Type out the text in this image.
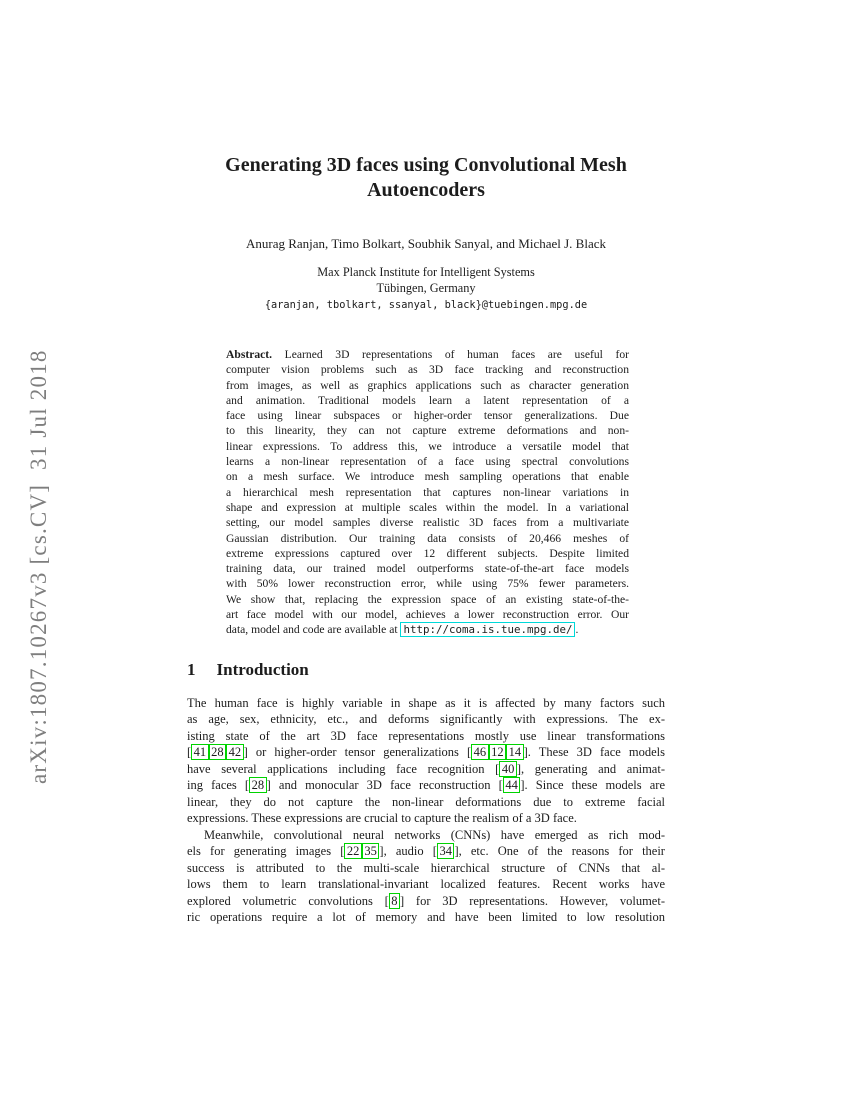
arXiv:1807.10267v3 [cs.CV]  31 Jul 2018
Generating 3D faces using Convolutional Mesh
Autoencoders
Anurag Ranjan, Timo Bolkart, Soubhik Sanyal, and Michael J. Black
Max Planck Institute for Intelligent Systems
Tübingen, Germany
{aranjan, tbolkart, ssanyal, black}@tuebingen.mpg.de
Abstract. Learned 3D representations of human faces are useful for
computer vision problems such as 3D face tracking and reconstruction
from images, as well as graphics applications such as character generation
and animation. Traditional models learn a latent representation of a
face using linear subspaces or higher-order tensor generalizations. Due
to this linearity, they can not capture extreme deformations and non-
linear expressions. To address this, we introduce a versatile model that
learns a non-linear representation of a face using spectral convolutions
on a mesh surface. We introduce mesh sampling operations that enable
a hierarchical mesh representation that captures non-linear variations in
shape and expression at multiple scales within the model. In a variational
setting, our model samples diverse realistic 3D faces from a multivariate
Gaussian distribution. Our training data consists of 20,466 meshes of
extreme expressions captured over 12 different subjects. Despite limited
training data, our trained model outperforms state-of-the-art face models
with 50% lower reconstruction error, while using 75% fewer parameters.
We show that, replacing the expression space of an existing state-of-the-
art face model with our model, achieves a lower reconstruction error. Our
data, model and code are available at http://coma.is.tue.mpg.de/ .
1 Introduction
The human face is highly variable in shape as it is affected by many factors such
as age, sex, ethnicity, etc., and deforms significantly with expressions. The ex-
isting state of the art 3D face representations mostly use linear transformations
[ 41 28 42 ] or higher-order tensor generalizations [ 46 12 14 ]. These 3D face models
have several applications including face recognition [ 40 ], generating and animat-
ing faces [ 28 ] and monocular 3D face reconstruction [ 44 ]. Since these models are
linear, they do not capture the non-linear deformations due to extreme facial
expressions. These expressions are crucial to capture the realism of a 3D face.
Meanwhile, convolutional neural networks (CNNs) have emerged as rich mod-
els for generating images [ 22 35 ], audio [ 34 ], etc. One of the reasons for their
success is attributed to the multi-scale hierarchical structure of CNNs that al-
lows them to learn translational-invariant localized features. Recent works have
explored volumetric convolutions [ 8 ] for 3D representations. However, volumet-
ric operations require a lot of memory and have been limited to low resolution
